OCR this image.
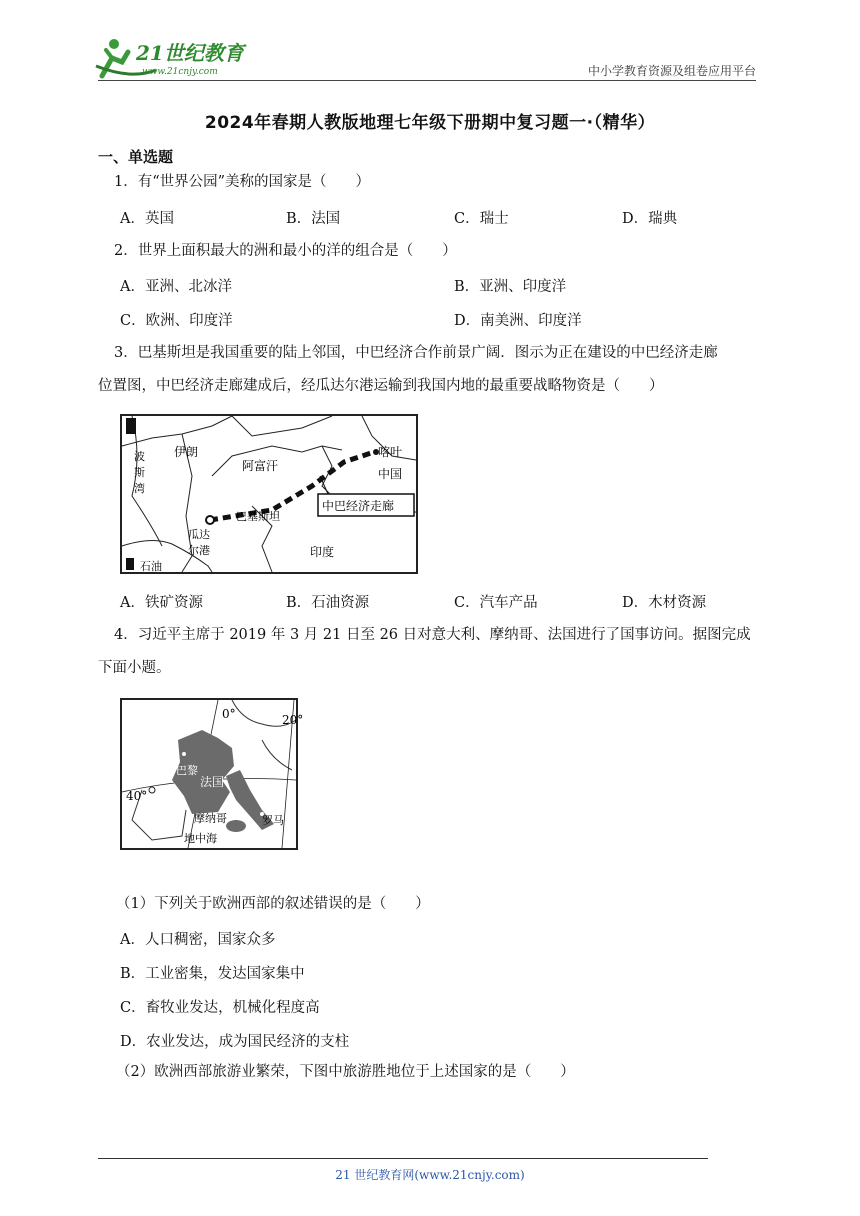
21世纪教育
www.21cnjy.com	中小学教育资源及组卷应用平台
2024年春期人教版地理七年级下册期中复习题一·（精华）
一、单选题
1．有“世界公园”美称的国家是（　　）
A．英国	B．法国	C．瑞士	D．瑞典
2．世界上面积最大的洲和最小的洋的组合是（　　）
A．亚洲、北冰洋	B．亚洲、印度洋
C．欧洲、印度洋	D．南美洲、印度洋
3．巴基斯坦是我国重要的陆上邻国，中巴经济合作前景广阔．图示为正在建设的中巴经济走廊
位置图，中巴经济走廊建成后，经瓜达尔港运输到我国内地的最重要战略物资是（　　）
伊朗
阿富汗
喀叶
中国
中巴经济走廊
巴基斯坦
瓜达
尔港	印度
波
斯
湾
石油
A．铁矿资源	B．石油资源	C．汽车产品	D．木材资源
4．习近平主席于 2019 年 3 月 21 日至 26 日对意大利、摩纳哥、法国进行了国事访问。据图完成
下面小题。
0°	20°
40°
巴黎
法国
摩纳哥	罗马
地中海
（1）下列关于欧洲西部的叙述错误的是（　　）
A．人口稠密，国家众多
B．工业密集，发达国家集中
C．畜牧业发达，机械化程度高
D．农业发达，成为国民经济的支柱
（2）欧洲西部旅游业繁荣，下图中旅游胜地位于上述国家的是（　　）
21 世纪教育网(www.21cnjy.com)
